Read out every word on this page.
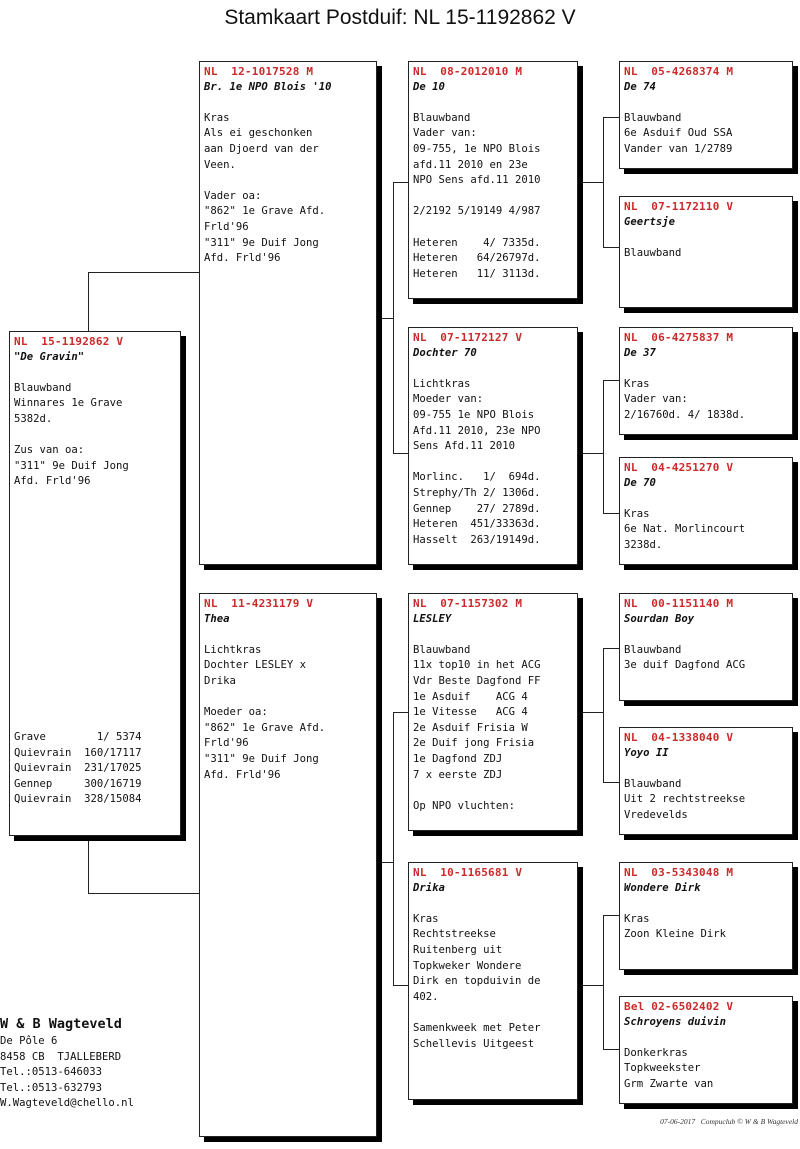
Stamkaart Postduif: NL 15-1192862 V
NL  15-1192862 V
"De Gravin"
Blauwband
Winnares 1e Grave
5382d.
Zus van oa:
"311" 9e Duif Jong
Afd. Frld'96
Grave        1/ 5374
Quievrain  160/17117
Quievrain  231/17025
Gennep     300/16719
Quievrain  328/15084
NL  12-1017528 M
Br. 1e NPO Blois '10
Kras
Als ei geschonken
aan Djoerd van der
Veen.
Vader oa:
"862" 1e Grave Afd.
Frld'96
"311" 9e Duif Jong
Afd. Frld'96
NL  11-4231179 V
Thea
Lichtkras
Dochter LESLEY x
Drika
Moeder oa:
"862" 1e Grave Afd.
Frld'96
"311" 9e Duif Jong
Afd. Frld'96
NL  08-2012010 M
De 10
Blauwband
Vader van:
09-755, 1e NPO Blois
afd.11 2010 en 23e
NPO Sens afd.11 2010
2/2192 5/19149 4/987
Heteren    4/ 7335d.
Heteren   64/26797d.
Heteren   11/ 3113d.
NL  07-1172127 V
Dochter 70
Lichtkras
Moeder van:
09-755 1e NPO Blois
Afd.11 2010, 23e NPO
Sens Afd.11 2010
Morlinc.   1/  694d.
Strephy/Th 2/ 1306d.
Gennep    27/ 2789d.
Heteren  451/33363d.
Hasselt  263/19149d.
NL  07-1157302 M
LESLEY
Blauwband
11x top10 in het ACG
Vdr Beste Dagfond FF
1e Asduif    ACG 4
1e Vitesse   ACG 4
2e Asduif Frisia W
2e Duif jong Frisia
1e Dagfond ZDJ
7 x eerste ZDJ
Op NPO vluchten:
NL  10-1165681 V
Drika
Kras
Rechtstreekse
Ruitenberg uit
Topkweker Wondere
Dirk en topduivin de
402.
Samenkweek met Peter
Schellevis Uitgeest
NL  05-4268374 M
De 74
Blauwband
6e Asduif Oud SSA
Vander van 1/2789
NL  07-1172110 V
Geertsje
Blauwband
NL  06-4275837 M
De 37
Kras
Vader van:
2/16760d. 4/ 1838d.
NL  04-4251270 V
De 70
Kras
6e Nat. Morlincourt
3238d.
NL  00-1151140 M
Sourdan Boy
Blauwband
3e duif Dagfond ACG
NL  04-1338040 V
Yoyo II
Blauwband
Uit 2 rechtstreekse
Vredevelds
NL  03-5343048 M
Wondere Dirk
Kras
Zoon Kleine Dirk
Bel 02-6502402 V
Schroyens duivin
Donkerkras
Topkweekster
Grm Zwarte van
W & B Wagteveld
De Pôle 6
8458 CB  TJALLEBERD
Tel.:0513-646033
Tel.:0513-632793
W.Wagteveld@chello.nl
07-06-2017   Compuclub © W & B Wagteveld
